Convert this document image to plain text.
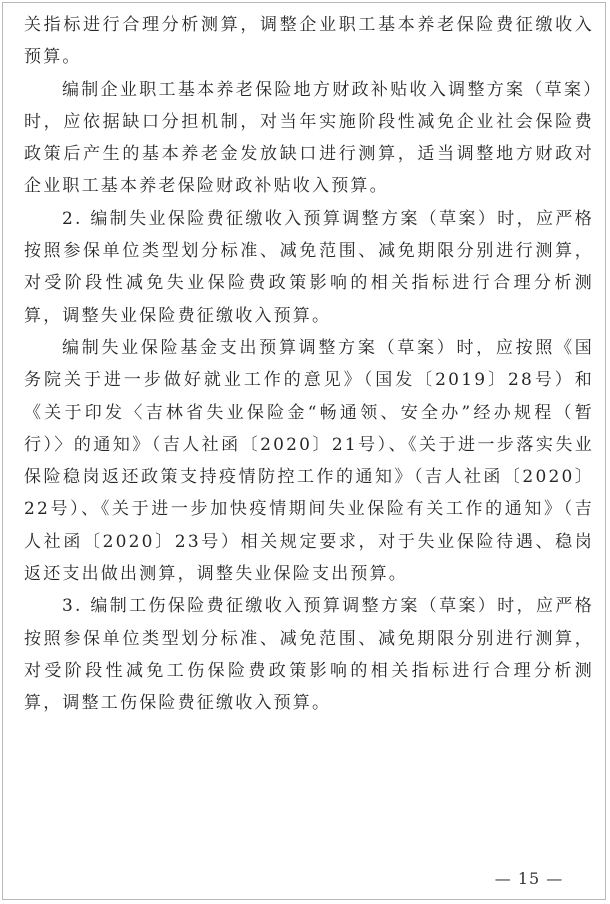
关指标进行合理分析测算，调整企业职工基本养老保险费征缴收入预算。

编制企业职工基本养老保险地方财政补贴收入调整方案（草案）时，应依据缺口分担机制，对当年实施阶段性减免企业社会保险费政策后产生的基本养老金发放缺口进行测算，适当调整地方财政对企业职工基本养老保险财政补贴收入预算。

2. 编制失业保险费征缴收入预算调整方案（草案）时，应严格按照参保单位类型划分标准、减免范围、减免期限分别进行测算，对受阶段性减免失业保险费政策影响的相关指标进行合理分析测算，调整失业保险费征缴收入预算。

编制失业保险基金支出预算调整方案（草案）时，应按照《国务院关于进一步做好就业工作的意见》（国发〔2019〕28号）和《关于印发〈吉林省失业保险金“畅通领、安全办”经办规程（暂行）〉的通知》（吉人社函〔2020〕21号）、《关于进一步落实失业保险稳岗返还政策支持疫情防控工作的通知》（吉人社函〔2020〕22号）、《关于进一步加快疫情期间失业保险有关工作的通知》（吉人社函〔2020〕23号）相关规定要求，对于失业保险待遇、稳岗返还支出做出测算，调整失业保险支出预算。

3. 编制工伤保险费征缴收入预算调整方案（草案）时，应严格按照参保单位类型划分标准、减免范围、减免期限分别进行测算，对受阶段性减免工伤保险费政策影响的相关指标进行合理分析测算，调整工伤保险费征缴收入预算。

— 15 —
